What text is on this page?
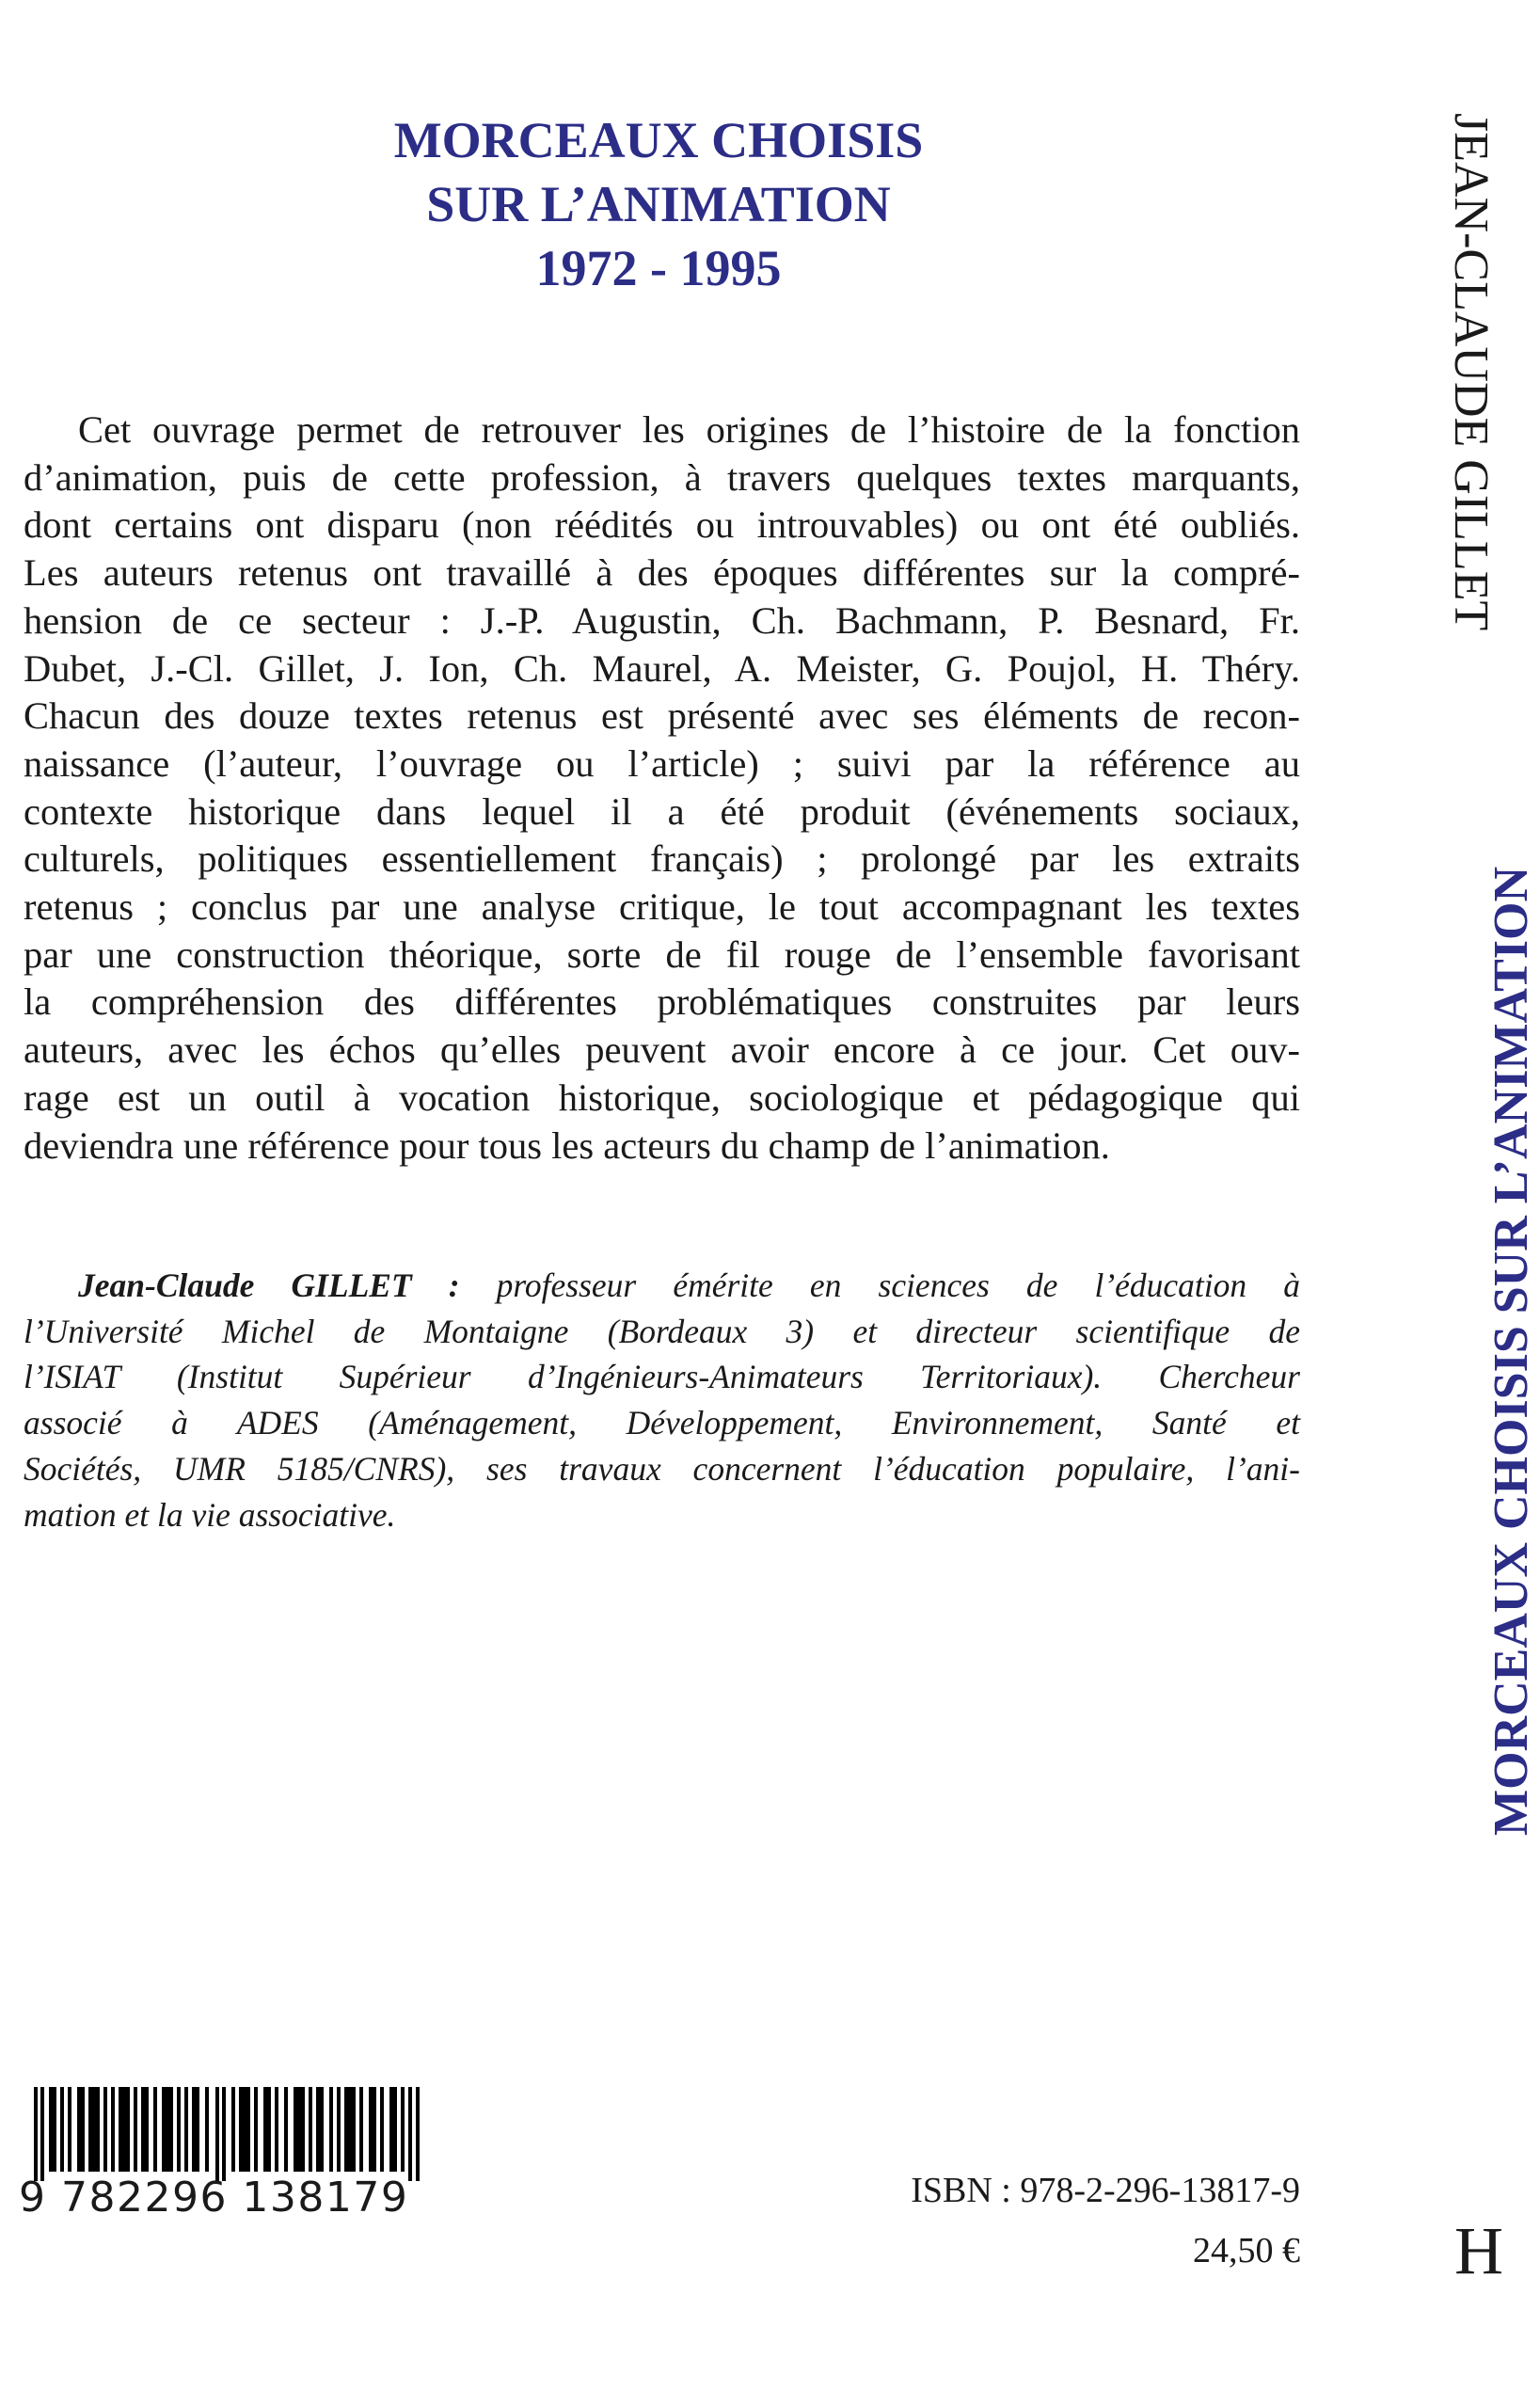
MORCEAUX CHOISIS
SUR L’ANIMATION
1972 - 1995
Cet ouvrage permet de retrouver les origines de l’histoire de la fonction
d’animation, puis de cette profession, à travers quelques textes marquants,
dont certains ont disparu (non réédités ou introuvables) ou ont été oubliés.
Les auteurs retenus ont travaillé à des époques différentes sur la compré-
hension de ce secteur : J.-P. Augustin, Ch. Bachmann, P. Besnard, Fr.
Dubet, J.-Cl. Gillet, J. Ion, Ch. Maurel, A. Meister, G. Poujol, H. Théry.
Chacun des douze textes retenus est présenté avec ses éléments de recon-
naissance (l’auteur, l’ouvrage ou l’article) ; suivi par la référence au
contexte historique dans lequel il a été produit (événements sociaux,
culturels, politiques essentiellement français) ; prolongé par les extraits
retenus ; conclus par une analyse critique, le tout accompagnant les textes
par une construction théorique, sorte de fil rouge de l’ensemble favorisant
la compréhension des différentes problématiques construites par leurs
auteurs, avec les échos qu’elles peuvent avoir encore à ce jour. Cet ouv-
rage est un outil à vocation historique, sociologique et pédagogique qui
deviendra une référence pour tous les acteurs du champ de l’animation.
Jean-Claude GILLET : professeur émérite en sciences de l’éducation à
l’Université Michel de Montaigne (Bordeaux 3) et directeur scientifique de
l’ISIAT (Institut Supérieur d’Ingénieurs-Animateurs Territoriaux). Chercheur
associé à ADES (Aménagement, Développement, Environnement, Santé et
Sociétés, UMR 5185/CNRS), ses travaux concernent l’éducation populaire, l’ani-
mation et la vie associative.	MORCEAUX CHOISIS SUR L’ANIMATION
JEAN-CLAUDE GILLET
9 782296 138179	ISBN : 978-2-296-13817-9
24,50 € H
